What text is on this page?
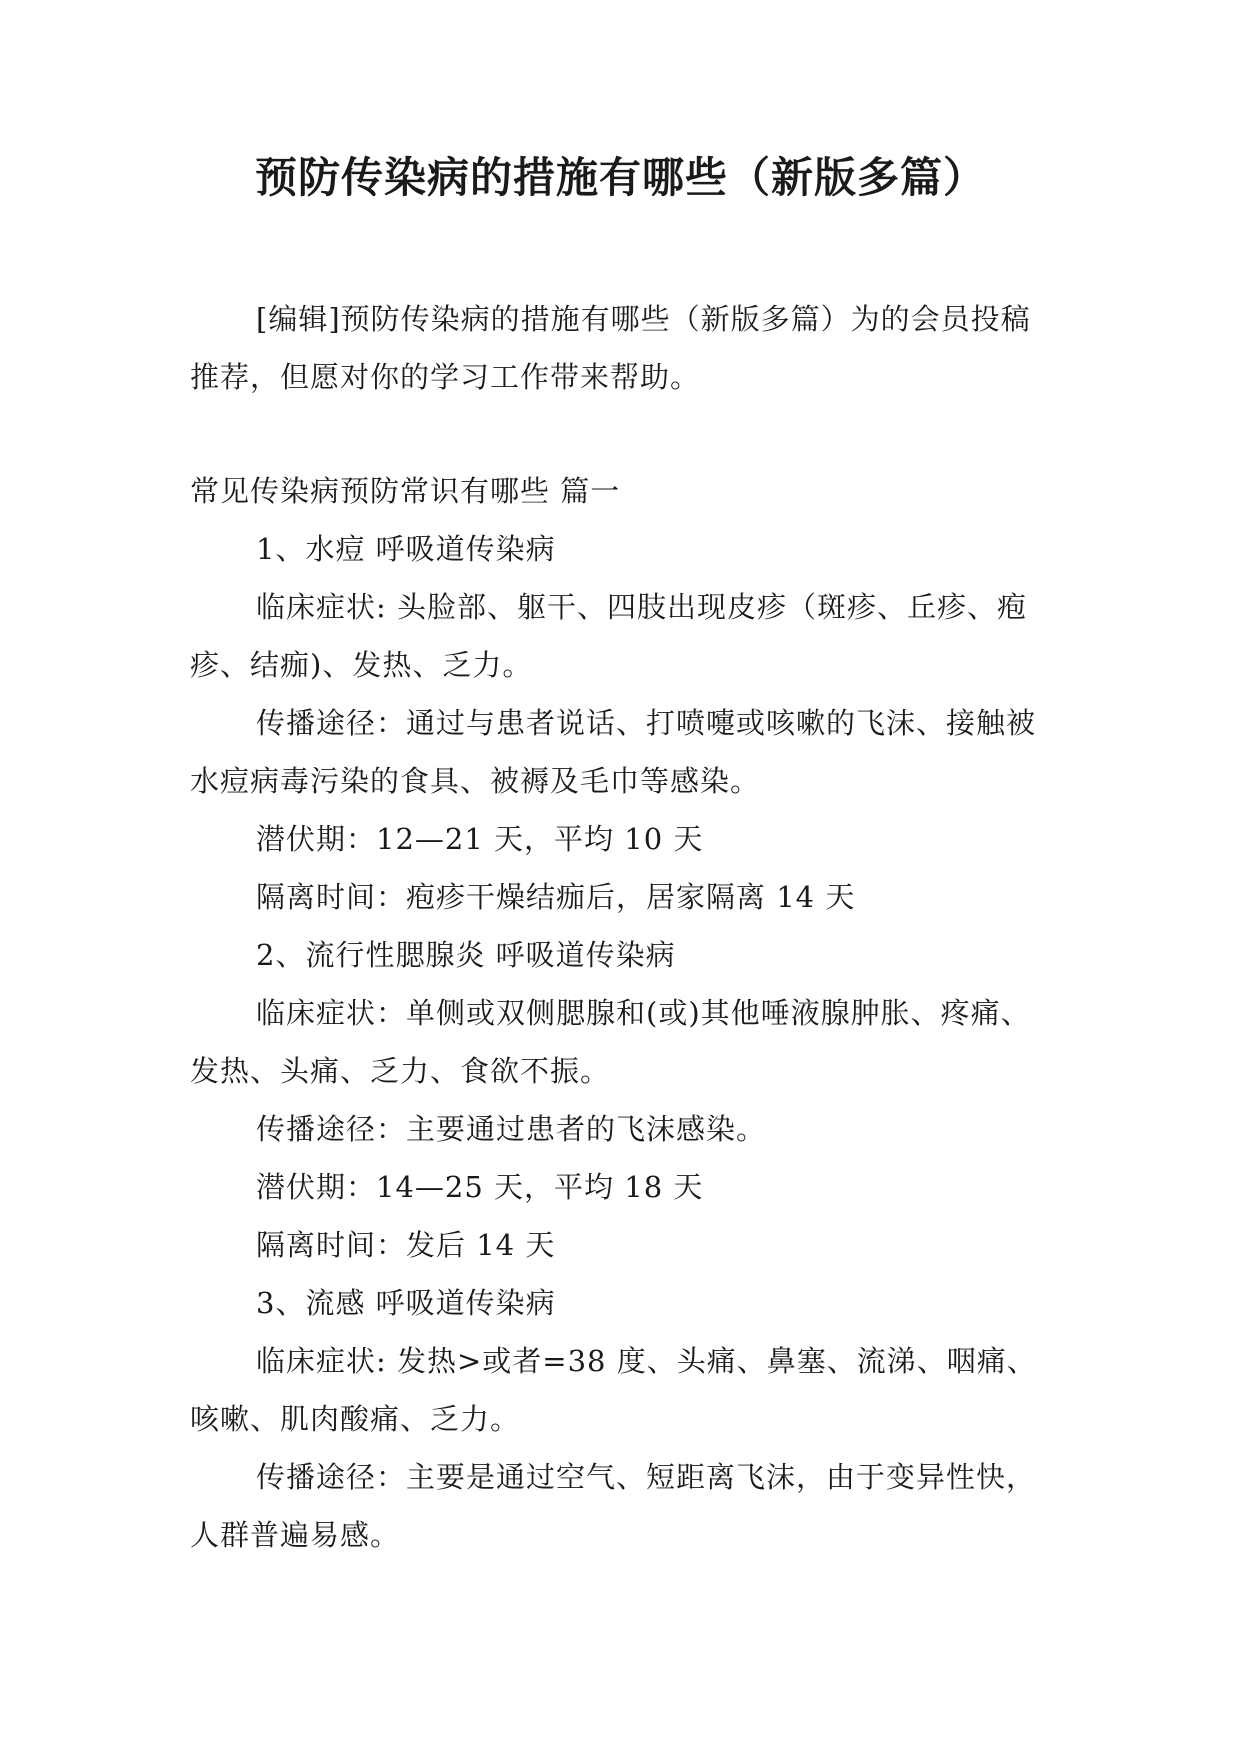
预防传染病的措施有哪些（新版多篇）

[编辑]预防传染病的措施有哪些（新版多篇）为的会员投稿推荐，但愿对你的学习工作带来帮助。

常见传染病预防常识有哪些 篇一

1、水痘 呼吸道传染病

临床症状: 头脸部、躯干、四肢出现皮疹（斑疹、丘疹、疱疹、结痂)、发热、乏力。

传播途径：通过与患者说话、打喷嚏或咳嗽的飞沫、接触被水痘病毒污染的食具、被褥及毛巾等感染。

潜伏期：12—21 天，平均 10 天

隔离时间：疱疹干燥结痂后，居家隔离 14 天

2、流行性腮腺炎 呼吸道传染病

临床症状：单侧或双侧腮腺和(或)其他唾液腺肿胀、疼痛、发热、头痛、乏力、食欲不振。

传播途径：主要通过患者的飞沫感染。

潜伏期：14—25 天，平均 18 天

隔离时间：发后 14 天

3、流感 呼吸道传染病

临床症状: 发热>或者=38 度、头痛、鼻塞、流涕、咽痛、咳嗽、肌肉酸痛、乏力。

传播途径：主要是通过空气、短距离飞沫，由于变异性快，人群普遍易感。
